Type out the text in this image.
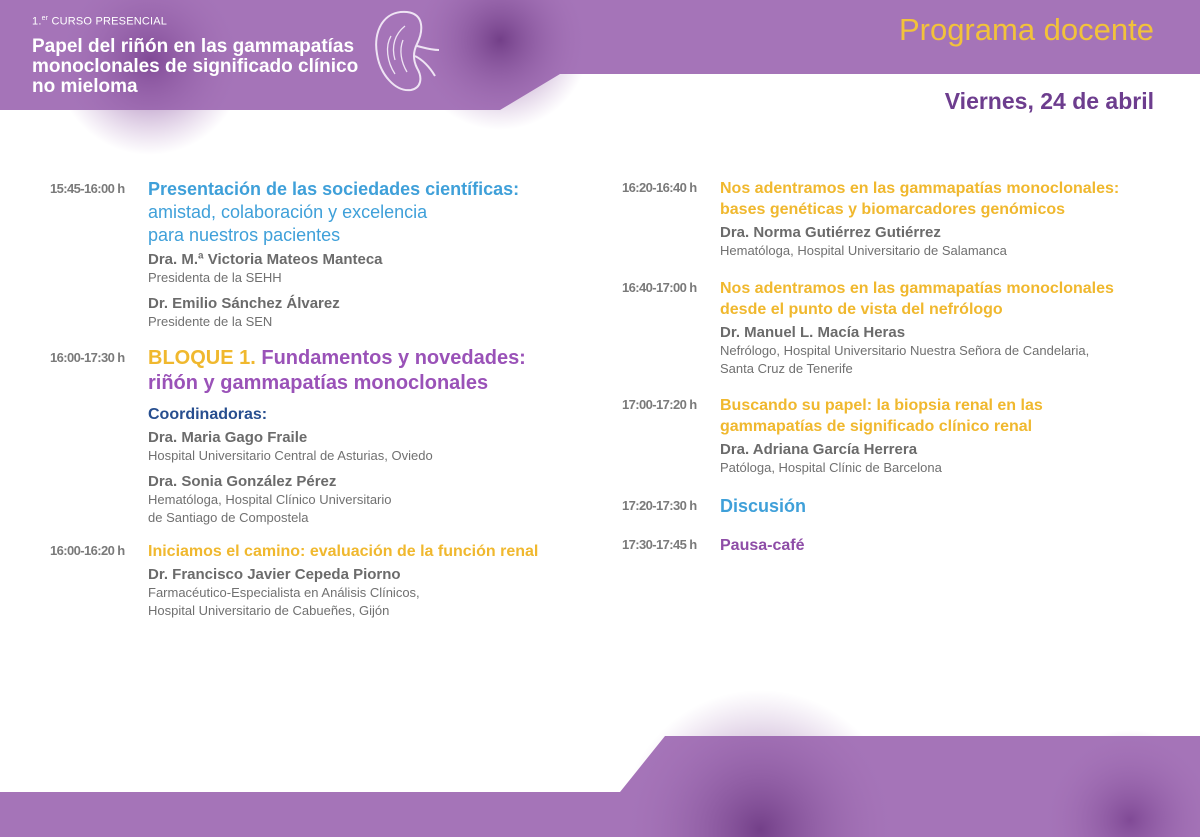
1.$^{er}$ CURSO PRESENCIAL
Papel del riñón en las gammapatías
monoclonales de significado clínico
no mieloma
Programa docente
Viernes, 24 de abril
15:45-16:00 h Presentación de las sociedades científicas:
amistad, colaboración y excelencia
para nuestros pacientes
Dra. M.ª Victoria Mateos Manteca
Presidenta de la SEHH
Dr. Emilio Sánchez Álvarez
Presidente de la SEN
16:00-17:30 h BLOQUE 1. Fundamentos y novedades:
riñón y gammapatías monoclonales
Coordinadoras:
Dra. Maria Gago Fraile
Hospital Universitario Central de Asturias, Oviedo
Dra. Sonia González Pérez
Hematóloga, Hospital Clínico Universitario
de Santiago de Compostela
16:00-16:20 h Iniciamos el camino: evaluación de la función renal
Dr. Francisco Javier Cepeda Piorno
Farmacéutico-Especialista en Análisis Clínicos,
Hospital Universitario de Cabueñes, Gijón
16:20-16:40 h Nos adentramos en las gammapatías monoclonales:
bases genéticas y biomarcadores genómicos
Dra. Norma Gutiérrez Gutiérrez
Hematóloga, Hospital Universitario de Salamanca
16:40-17:00 h Nos adentramos en las gammapatías monoclonales
desde el punto de vista del nefrólogo
Dr. Manuel L. Macía Heras
Nefrólogo, Hospital Universitario Nuestra Señora de Candelaria,
Santa Cruz de Tenerife
17:00-17:20 h Buscando su papel: la biopsia renal en las
gammapatías de significado clínico renal
Dra. Adriana García Herrera
Patóloga, Hospital Clínic de Barcelona
17:20-17:30 h Discusión
17:30-17:45 h Pausa-café
